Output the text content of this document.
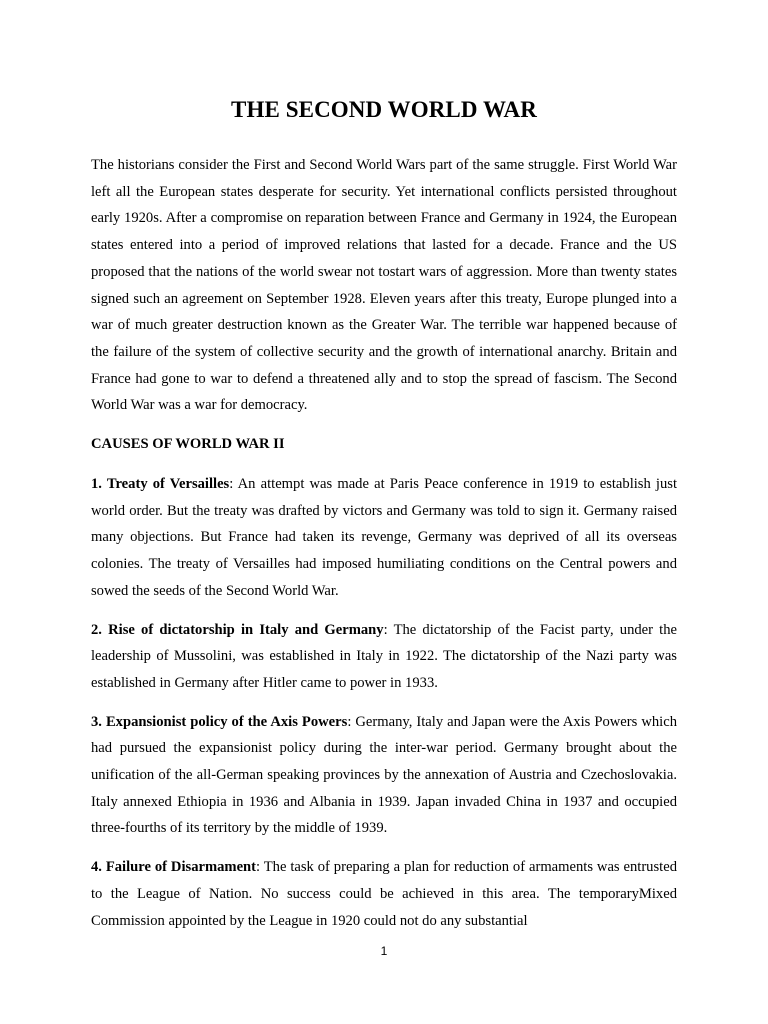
THE SECOND WORLD WAR

The historians consider the First and Second World Wars part of the same struggle. First World War left all the European states desperate for security. Yet international conflicts persisted throughout early 1920s. After a compromise on reparation between France and Germany in 1924, the European states entered into a period of improved relations that lasted for a decade. France and the US proposed that the nations of the world swear not tostart wars of aggression. More than twenty states signed such an agreement on September 1928. Eleven years after this treaty, Europe plunged into a war of much greater destruction known as the Greater War. The terrible war happened because of the failure of the system of collective security and the growth of international anarchy. Britain and France had gone to war to defend a threatened ally and to stop the spread of fascism. The Second World War was a war for democracy.

CAUSES OF WORLD WAR II

1. Treaty of Versailles: An attempt was made at Paris Peace conference in 1919 to establish just world order. But the treaty was drafted by victors and Germany was told to sign it. Germany raised many objections. But France had taken its revenge, Germany was deprived of all its overseas colonies. The treaty of Versailles had imposed humiliating conditions on the Central powers and sowed the seeds of the Second World War.

2. Rise of dictatorship in Italy and Germany: The dictatorship of the Facist party, under the leadership of Mussolini, was established in Italy in 1922. The dictatorship of the Nazi party was established in Germany after Hitler came to power in 1933.

3. Expansionist policy of the Axis Powers: Germany, Italy and Japan were the Axis Powers which had pursued the expansionist policy during the inter-war period. Germany brought about the unification of the all-German speaking provinces by the annexation of Austria and Czechoslovakia. Italy annexed Ethiopia in 1936 and Albania in 1939. Japan invaded China in 1937 and occupied three-fourths of its territory by the middle of 1939.

4. Failure of Disarmament: The task of preparing a plan for reduction of armaments was entrusted to the League of Nation. No success could be achieved in this area. The temporaryMixed Commission appointed by the League in 1920 could not do any substantial

1
